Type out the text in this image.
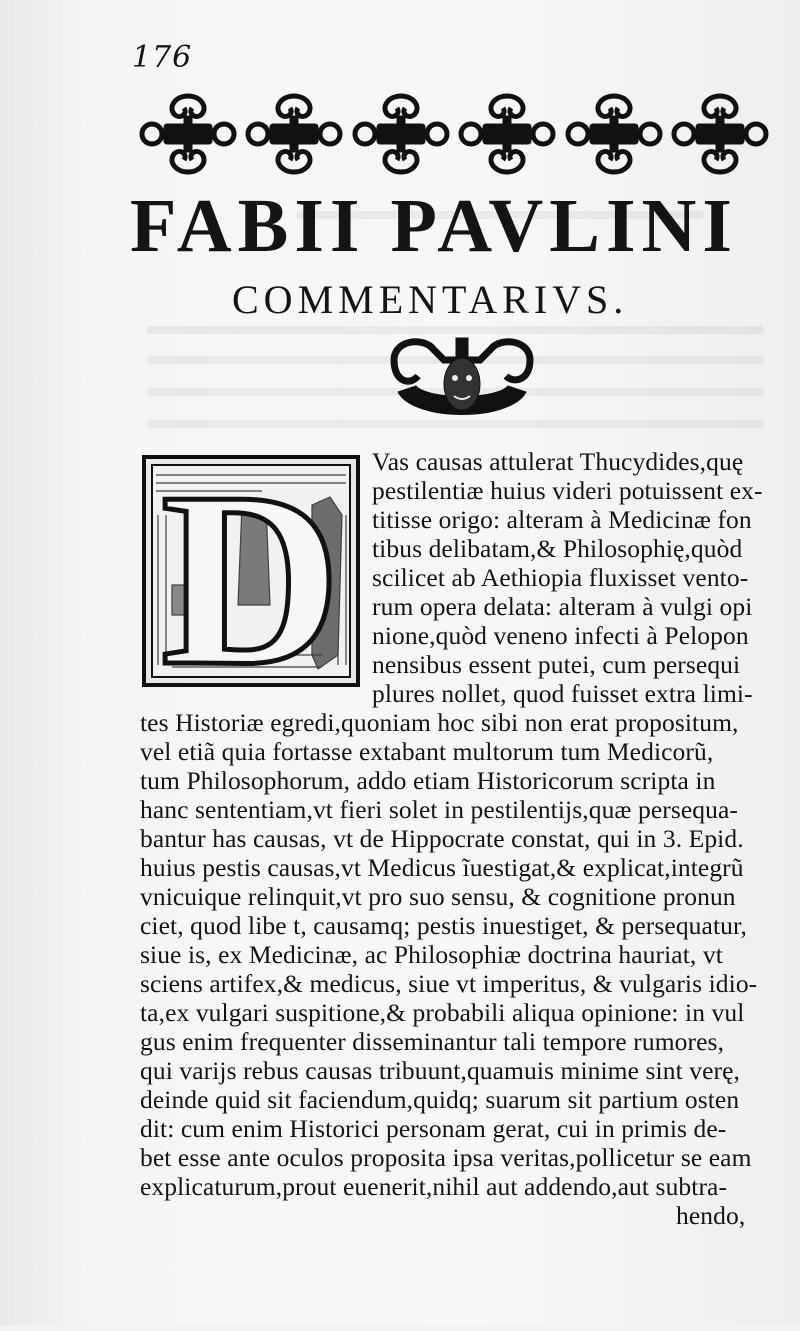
176
FABII PAVLINI
COMMENTARIVS.
D Vas causas attulerat Thucydides,quę
pestilentiæ huius videri potuissent ex-
titisse origo: alteram à Medicinæ fon
tibus delibatam,& Philosophię,quòd
scilicet ab Aethiopia fluxisset vento-
rum opera delata: alteram à vulgi opi
nione,quòd veneno infecti à Pelopon
nensibus essent putei, cum persequi
plures nollet, quod fuisset extra limi-
tes Historiæ egredi,quoniam hoc sibi non erat propositum,
vel etiã quia fortasse extabant multorum tum Medicorũ,
tum Philosophorum, addo etiam Historicorum scripta in
hanc sententiam,vt fieri solet in pestilentijs,quæ persequa-
bantur has causas, vt de Hippocrate constat, qui in 3. Epid.
huius pestis causas,vt Medicus ĩuestigat,& explicat,integrũ
vnicuique relinquit,vt pro suo sensu, & cognitione pronun
ciet, quod libe t, causamq; pestis inuestiget, & persequatur,
siue is, ex Medicinæ, ac Philosophiæ doctrina hauriat, vt
sciens artifex,& medicus, siue vt imperitus, & vulgaris idio-
ta,ex vulgari suspitione,& probabili aliqua opinione: in vul
gus enim frequenter disseminantur tali tempore rumores,
qui varijs rebus causas tribuunt,quamuis minime sint verę,
deinde quid sit faciendum,quidq; suarum sit partium osten
dit: cum enim Historici personam gerat, cui in primis de-
bet esse ante oculos proposita ipsa veritas,pollicetur se eam
explicaturum,prout euenerit,nihil aut addendo,aut subtra-
hendo,
